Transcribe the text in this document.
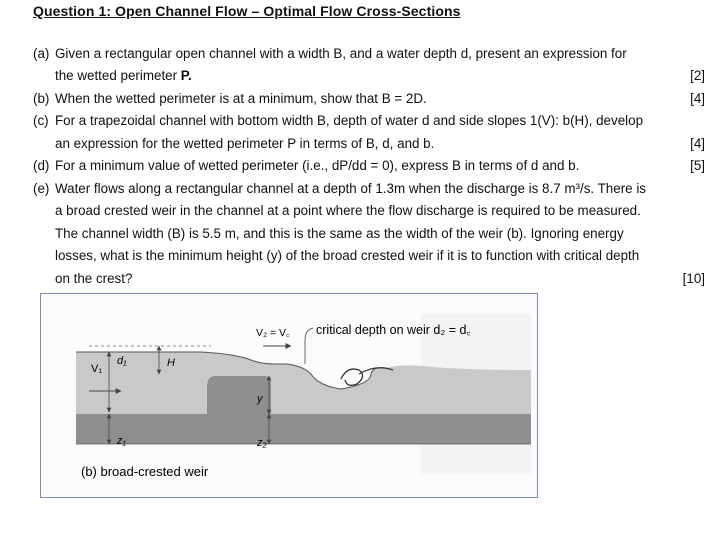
Question 1: Open Channel Flow – Optimal Flow Cross-Sections
(a) Given a rectangular open channel with a width B, and a water depth d, present an expression for
the wetted perimeter P.	[2]
(b) When the wetted perimeter is at a minimum, show that B = 2D.	[4]
(c) For a trapezoidal channel with bottom width B, depth of water d and side slopes 1(V): b(H), develop
an expression for the wetted perimeter P in terms of B, d, and b.	[4]
(d) For a minimum value of wetted perimeter (i.e., dP/dd = 0), express B in terms of d and b.	[5]
(e) Water flows along a rectangular channel at a depth of 1.3m when the discharge is 8.7 m³/s. There is
a broad crested weir in the channel at a point where the flow discharge is required to be measured.
The channel width (B) is 5.5 m, and this is the same as the width of the weir (b). Ignoring energy
losses, what is the minimum height (y) of the broad crested weir if it is to function with critical depth
on the crest?	[10]
V₁
d₁	H
z₁
y
z₂
V₂ = V꜀ critical depth on weir d₂ = d꜀
(b) broad-crested weir
